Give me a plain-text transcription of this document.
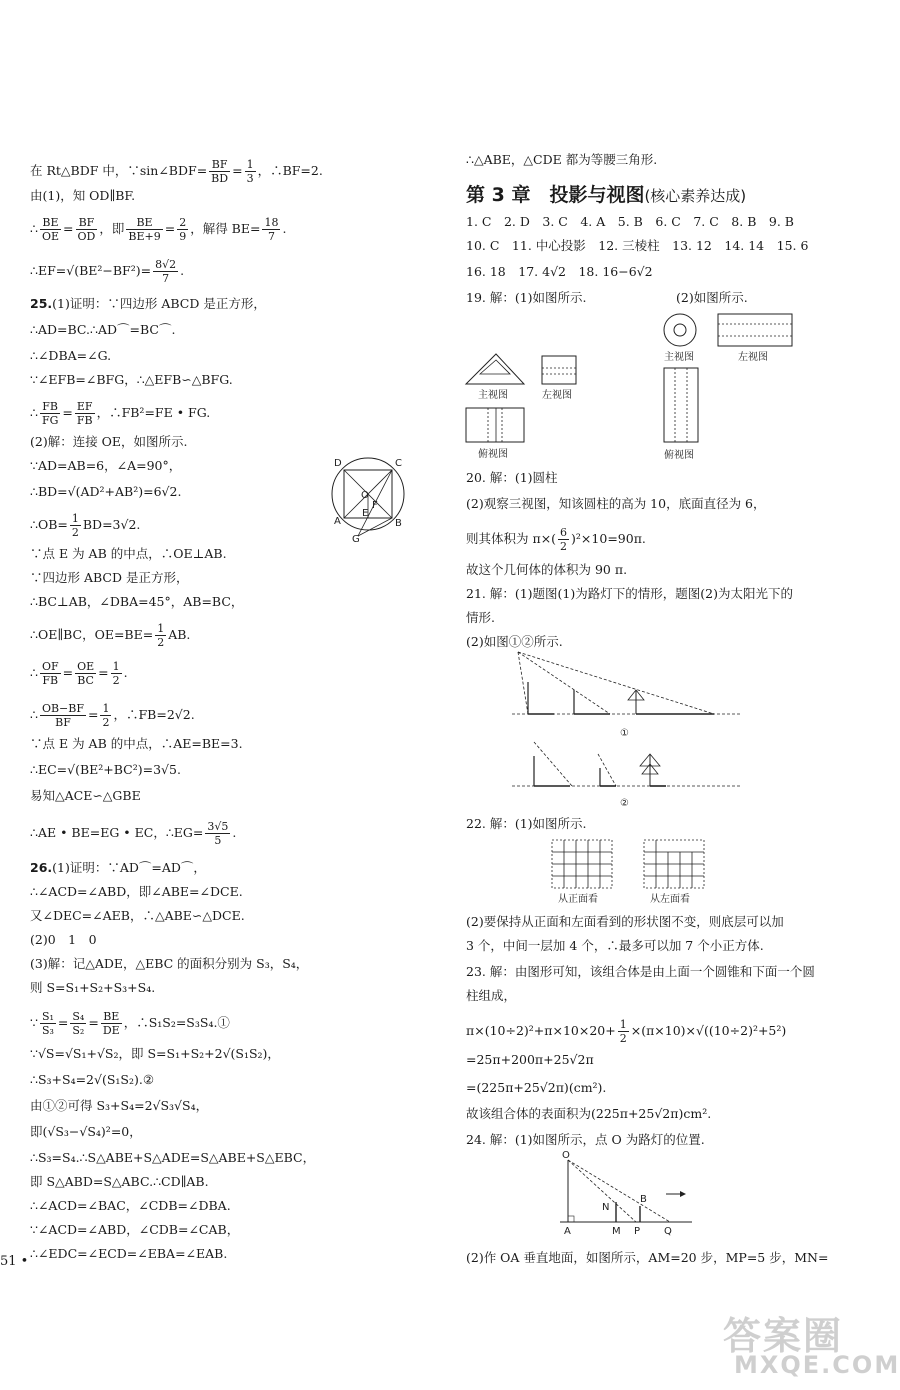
在 Rt△BDF 中，∵sin∠BDF= $\frac{BF}{BD} = \frac{1}{3}$ ，∴BF=2.
由(1)，知 OD∥BF.
∴ $\frac{BE}{OE} = \frac{BF}{OD}$ ，即 $\frac{BE}{BE+9} = \frac{2}{9}$ ，解得 $BE= \frac{18}{7}$ .
∴EF=√(BE²−BF²)= $\frac{8√2}{7}$ .
25.(1)证明：∵四边形 ABCD 是正方形，
∴AD=BC.∴AD⌒=BC⌒.
∴∠DBA=∠G.
∵∠EFB=∠BFG，∴△EFB∽△BFG.
∴ $\frac{FB}{FG} = \frac{EF}{FB}$ ，∴FB²=FE • FG.
(2)解：连接 OE，如图所示.
∵AD=AB=6，∠A=90°，
∴BD=√(AD²+AB²)=6√2.
∴OB= $\frac{1}{2} BD=3√2$.
∵点 E 为 AB 的中点，∴OE⊥AB.
∵四边形 ABCD 是正方形，
∴BC⊥AB，∠DBA=45°，AB=BC，
∴OE∥BC，$OE=BE= \frac{1}{2}$ AB.
∴ $\frac{OF}{FB} = \frac{OE}{BC} = \frac{1}{2}$ .
∴ $\frac{OB-BF}{BF} = \frac{1}{2}$ ，∴FB=2√2.
∵点 E 为 AB 的中点，∴AE=BE=3.
∴EC=√(BE²+BC²)=3√5.
易知△ACE∽△GBE
∴AE • BE=EG • EC，∴EG= $\frac{3√5}{5}$ .
26.(1)证明：∵AD⌒=AD⌒，
∴∠ACD=∠ABD，即∠ABE=∠DCE.
又∠DEC=∠AEB，∴△ABE∽△DCE.
(2)0　1　0
(3)解：记△ADE，△EBC 的面积分别为 S₃，S₄，
则 S=S₁+S₂+S₃+S₄.
∵ $\frac{\text{S₁}}{\text{S₃}} = \frac{\text{S₄}}{\text{S₂}} = \frac{BE}{DE}$ ，∴S₁S₂=S₃S₄.①
∵√S=√S₁+√S₂，即 S=S₁+S₂+2√(S₁S₂)，
∴S₃+S₄=2√(S₁S₂).②
由①②可得 S₃+S₄=2√S₃√S₄，
即(√S₃−√S₄)²=0，
∴S₃=S₄.∴S△ABE+S△ADE=S△ABE+S△EBC，
即 S△ABD=S△ABC.∴CD∥AB.
∴∠ACD=∠BAC，∠CDB=∠DBA.
∵∠ACD=∠ABD，∠CDB=∠CAB，
∴∠EDC=∠ECD=∠EBA=∠EAB.
D	C
O
F
A
E
B
G
51 •
∴△ABE，△CDE 都为等腰三角形.
第 3 章　投影与视图(核心素养达成)
1. C　2. D　3. C　4. A　5. B　6. C　7. C　8. B　9. B
10. C　11. 中心投影　12. 三棱柱　13. 12　14. 14　15. 6
16. 18　17. 4√2　18. 16−6√2
19. 解：(1)如图所示.	(2)如图所示.
主视图	左视图
俯视图
主视图	左视图
俯视图
20. 解：(1)圆柱
(2)观察三视图，知该圆柱的高为 10，底面直径为 6，
则其体积为 $\pi\times( \frac{6}{2} )^2\times 10=90\pi$.
故这个几何体的体积为 90 π.
21. 解：(1)题图(1)为路灯下的情形，题图(2)为太阳光下的
情形.
(2)如图①②所示.
①
②
22. 解：(1)如图所示.
从正面看	从左面看
(2)要保持从正面和左面看到的形状图不变，则底层可以加
3 个，中间一层加 4 个，∴最多可以加 7 个小正方体.
23. 解：由图形可知，该组合体是由上面一个圆锥和下面一个圆
柱组成，
$\pi\times(10\div 2)^2+\pi\times 10\times 20+ \frac{1}{2} \times(\pi\times 10)\times√((10\div 2)^2+5^2)$
=25π+200π+25√2π
=(225π+25√2π)(cm²).
故该组合体的表面积为(225π+25√2π)cm².
24. 解：(1)如图所示，点 O 为路灯的位置.
O
B
N
A	M P Q
(2)作 OA 垂直地面，如图所示，AM=20 步，MP=5 步，MN=
答案圈
MXQE.COM
